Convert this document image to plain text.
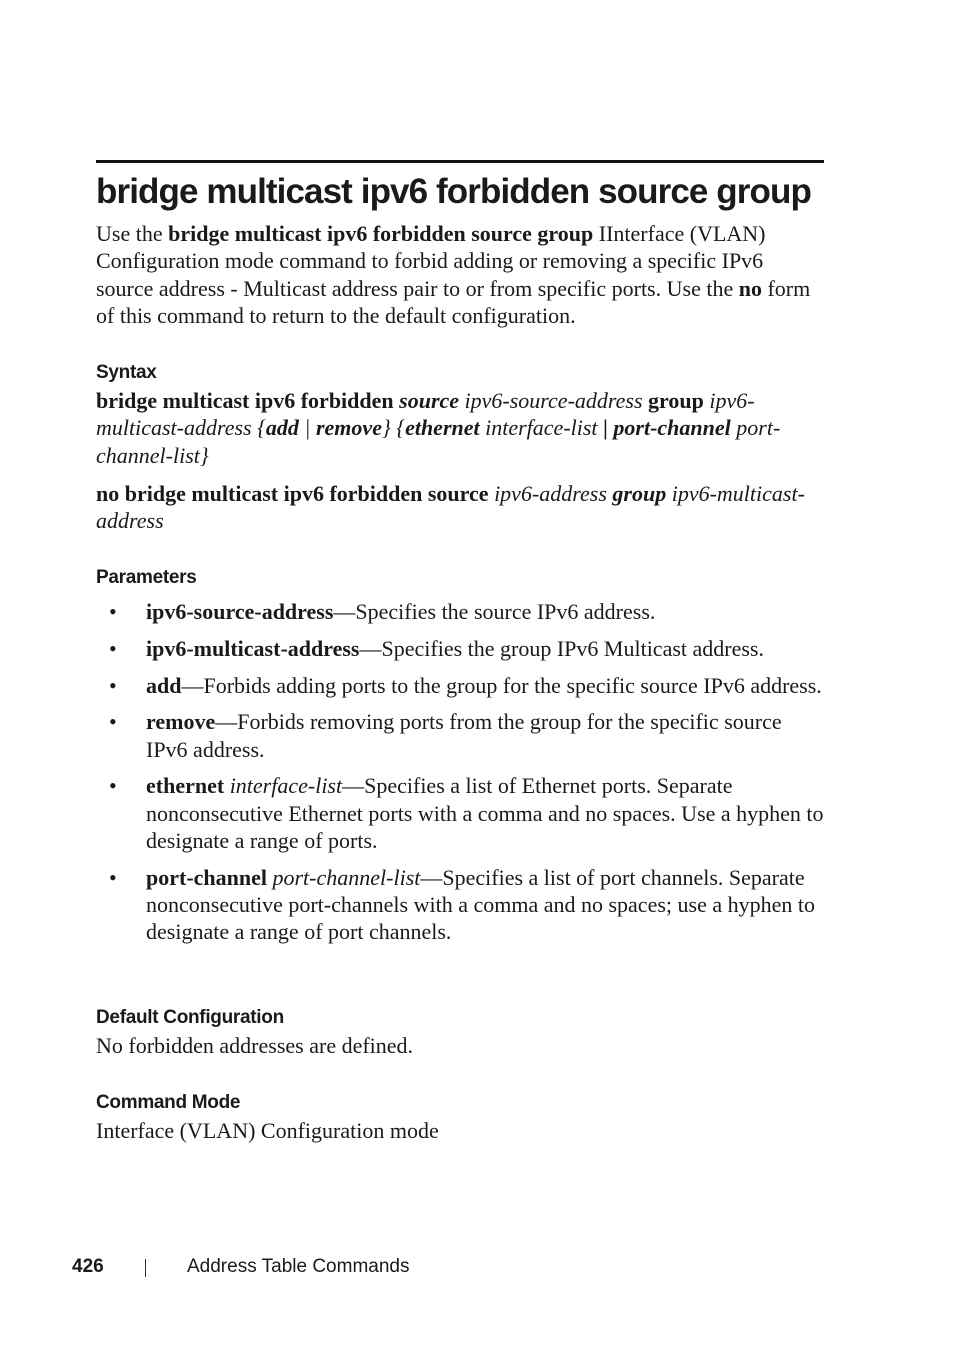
bridge multicast ipv6 forbidden source group

Use the bridge multicast ipv6 forbidden source group IInterface (VLAN) Configuration mode command to forbid adding or removing a specific IPv6 source address - Multicast address pair to or from specific ports. Use the no form of this command to return to the default configuration.

Syntax

bridge multicast ipv6 forbidden source ipv6-source-address group ipv6-multicast-address {add | remove} {ethernet interface-list | port-channel port-channel-list}

no bridge multicast ipv6 forbidden source ipv6-address group ipv6-multicast-address

Parameters
• ipv6-source-address—Specifies the source IPv6 address.
• ipv6-multicast-address—Specifies the group IPv6 Multicast address.
• add—Forbids adding ports to the group for the specific source IPv6 address.
• remove—Forbids removing ports from the group for the specific source IPv6 address.
• ethernet interface-list—Specifies a list of Ethernet ports. Separate nonconsecutive Ethernet ports with a comma and no spaces. Use a hyphen to designate a range of ports.
• port-channel port-channel-list—Specifies a list of port channels. Separate nonconsecutive port-channels with a comma and no spaces; use a hyphen to designate a range of port channels.
Default Configuration

No forbidden addresses are defined.

Command Mode

Interface (VLAN) Configuration mode

426	Address Table Commands
